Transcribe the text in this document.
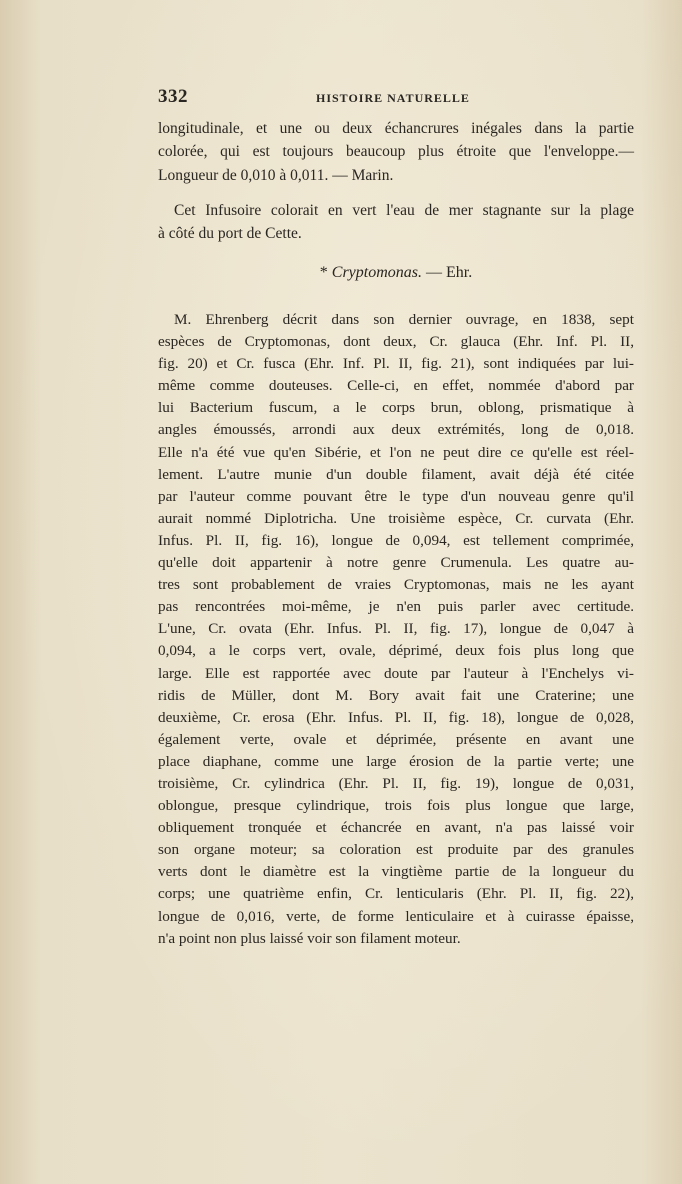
332	HISTOIRE NATURELLE
longitudinale, et une ou deux échancrures inégales dans la partie
colorée, qui est toujours beaucoup plus étroite que l'enveloppe.—
Longueur de 0,010 à 0,011. — Marin.
Cet Infusoire colorait en vert l'eau de mer stagnante sur la plage
à côté du port de Cette.
* Cryptomonas. — Ehr.
M. Ehrenberg décrit dans son dernier ouvrage, en 1838, sept
espèces de Cryptomonas, dont deux, Cr. glauca (Ehr. Inf. Pl. II,
fig. 20) et Cr. fusca (Ehr. Inf. Pl. II, fig. 21), sont indiquées par lui-
même comme douteuses. Celle-ci, en effet, nommée d'abord par
lui Bacterium fuscum, a le corps brun, oblong, prismatique à
angles émoussés, arrondi aux deux extrémités, long de 0,018.
Elle n'a été vue qu'en Sibérie, et l'on ne peut dire ce qu'elle est réel-
lement. L'autre munie d'un double filament, avait déjà été citée
par l'auteur comme pouvant être le type d'un nouveau genre qu'il
aurait nommé Diplotricha. Une troisième espèce, Cr. curvata (Ehr.
Infus. Pl. II, fig. 16), longue de 0,094, est tellement comprimée,
qu'elle doit appartenir à notre genre Crumenula. Les quatre au-
tres sont probablement de vraies Cryptomonas, mais ne les ayant
pas rencontrées moi-même, je n'en puis parler avec certitude.
L'une, Cr. ovata (Ehr. Infus. Pl. II, fig. 17), longue de 0,047 à
0,094, a le corps vert, ovale, déprimé, deux fois plus long que
large. Elle est rapportée avec doute par l'auteur à l'Enchelys vi-
ridis de Müller, dont M. Bory avait fait une Craterine; une
deuxième, Cr. erosa (Ehr. Infus. Pl. II, fig. 18), longue de 0,028,
également verte, ovale et déprimée, présente en avant une
place diaphane, comme une large érosion de la partie verte; une
troisième, Cr. cylindrica (Ehr. Pl. II, fig. 19), longue de 0,031,
oblongue, presque cylindrique, trois fois plus longue que large,
obliquement tronquée et échancrée en avant, n'a pas laissé voir
son organe moteur; sa coloration est produite par des granules
verts dont le diamètre est la vingtième partie de la longueur du
corps; une quatrième enfin, Cr. lenticularis (Ehr. Pl. II, fig. 22),
longue de 0,016, verte, de forme lenticulaire et à cuirasse épaisse,
n'a point non plus laissé voir son filament moteur.
